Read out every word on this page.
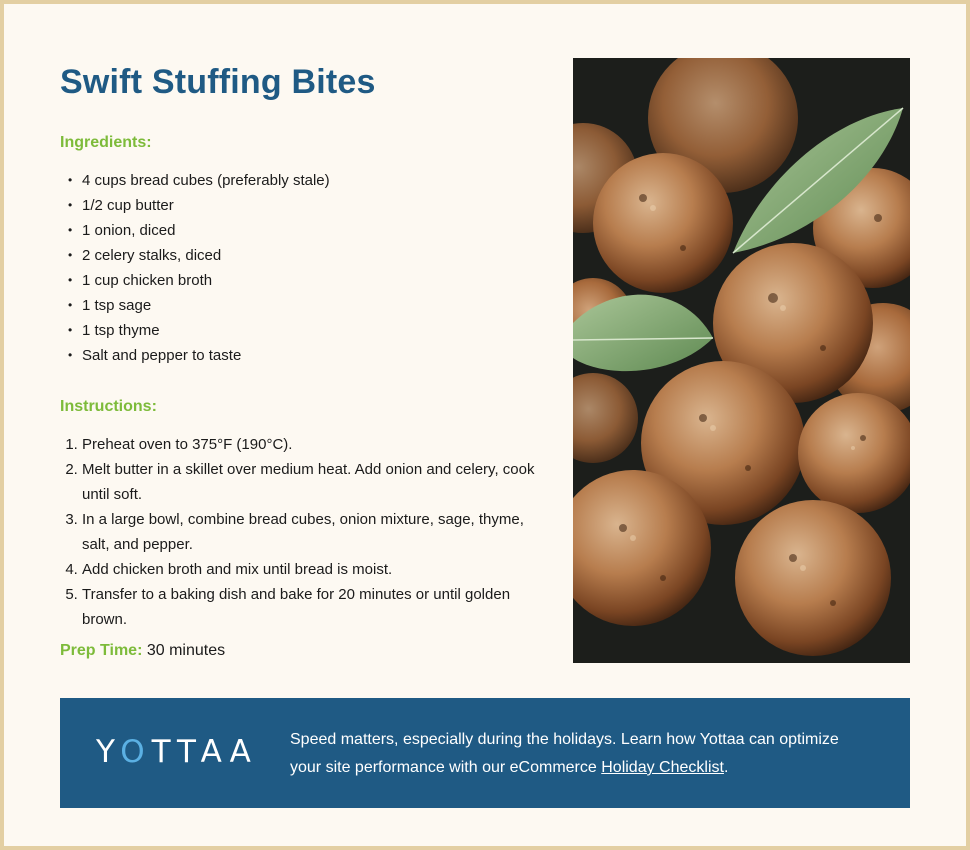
Swift Stuffing Bites

Ingredients:

• 4 cups bread cubes (preferably stale)
• 1/2 cup butter
• 1 onion, diced
• 2 celery stalks, diced
• 1 cup chicken broth
• 1 tsp sage
• 1 tsp thyme
• Salt and pepper to taste

Instructions:

1. Preheat oven to 375°F (190°C).
2. Melt butter in a skillet over medium heat. Add onion and celery, cook until soft.
3. In a large bowl, combine bread cubes, onion mixture, sage, thyme, salt, and pepper.
4. Add chicken broth and mix until bread is moist.
5. Transfer to a baking dish and bake for 20 minutes or until golden brown.
Prep Time: 30 minutes
YOTTAA Speed matters, especially during the holidays. Learn how Yottaa can optimize your site performance with our eCommerce Holiday Checklist.
